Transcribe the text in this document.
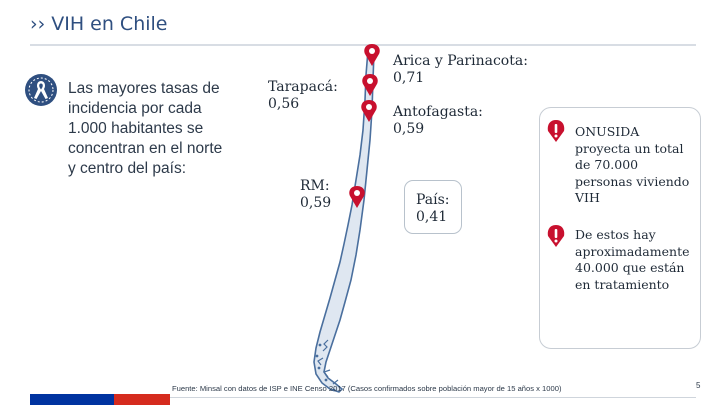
›› VIH en Chile
Las mayores tasas de incidencia por cada 1.000 habitantes se concentran en el norte y centro del país:
Tarapacá: 0,56
Arica y Parinacota: 0,71
Antofagasta: 0,59
RM: 0,59	País: 0,41
ONUSIDA proyecta un total de 70.000 personas viviendo VIH
De estos hay aproximadamente 40.000 que están en tratamiento
Fuente: Minsal con datos de ISP e INE Censo 2017 (Casos confirmados sobre población mayor de 15 años x 1000)	5
